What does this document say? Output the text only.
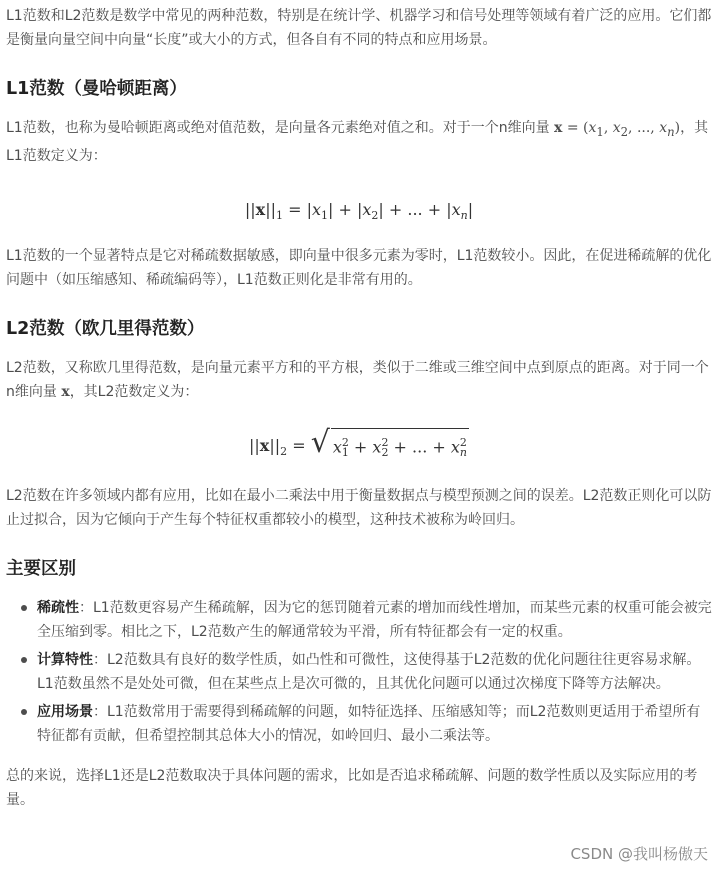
L1范数和L2范数是数学中常见的两种范数，特别是在统计学、机器学习和信号处理等领域有着广泛的应用。它们都是衡量向量空间中向量“长度”或大小的方式，但各自有不同的特点和应用场景。

L1范数（曼哈顿距离）

L1范数，也称为曼哈顿距离或绝对值范数，是向量各元素绝对值之和。对于一个n维向量 $x = (x_1$, $x_2$, ..., $x_n$)，其L1范数定义为：

$||x||_1 = |x_1| + |x_2|$ + ... + $|x_n|$

L1范数的一个显著特点是它对稀疏数据敏感，即向量中很多元素为零时，L1范数较小。因此，在促进稀疏解的优化问题中（如压缩感知、稀疏编码等），L1范数正则化是非常有用的。

L2范数（欧几里得范数）

L2范数，又称欧几里得范数，是向量元素平方和的平方根，类似于二维或三维空间中点到原点的距离。对于同一个n维向量 x，其L2范数定义为：

$||x||_2$ = √ $x^2_1 + x^2_2$ + ... + $x^2_n$

L2范数在许多领域内都有应用，比如在最小二乘法中用于衡量数据点与模型预测之间的误差。L2范数正则化可以防止过拟合，因为它倾向于产生每个特征权重都较小的模型，这种技术被称为岭回归。

主要区别
稀疏性：L1范数更容易产生稀疏解，因为它的惩罚随着元素的增加而线性增加，而某些元素的权重可能会被完全压缩到零。相比之下，L2范数产生的解通常较为平滑，所有特征都会有一定的权重。
计算特性：L2范数具有良好的数学性质，如凸性和可微性，这使得基于L2范数的优化问题往往更容易求解。L1范数虽然不是处处可微，但在某些点上是次可微的，且其优化问题可以通过次梯度下降等方法解决。
应用场景：L1范数常用于需要得到稀疏解的问题，如特征选择、压缩感知等；而L2范数则更适用于希望所有特征都有贡献，但希望控制其总体大小的情况，如岭回归、最小二乘法等。

总的来说，选择L1还是L2范数取决于具体问题的需求，比如是否追求稀疏解、问题的数学性质以及实际应用的考量。

CSDN @我叫杨傲天
